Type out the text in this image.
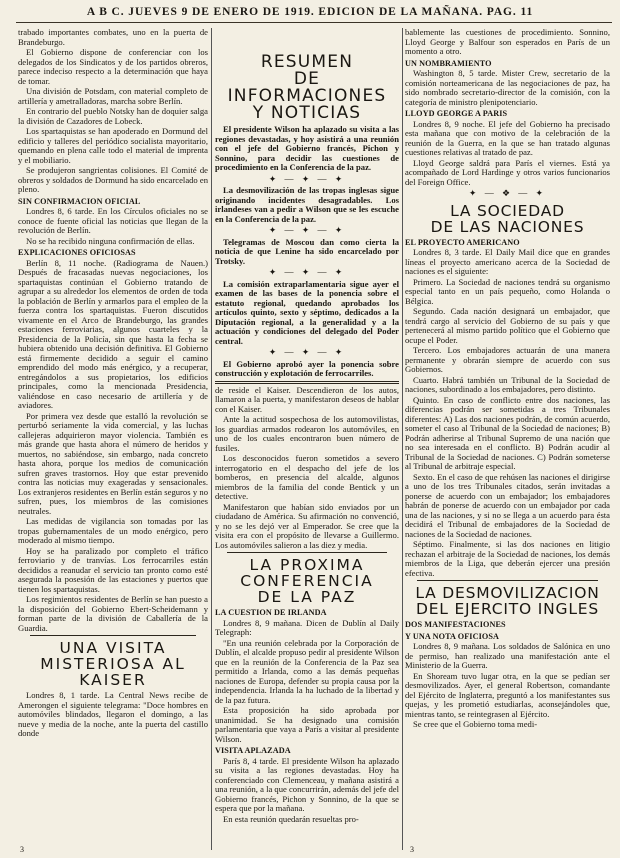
A B C. JUEVES 9 DE ENERO DE 1919. EDICION DE LA MAÑANA. PAG. 11

trabado importantes combates, uno en la puerta de Brandeburgo.

El Gobierno dispone de conferenciar con los delegados de los Sindicatos y de los partidos obreros, parece indeciso respecto a la determinación que haya de tomar.

Una división de Potsdam, con material completo de artillería y ametralladoras, marcha sobre Berlín.

En contrario del pueblo Notsky han de doquier salga la división de Cazadores de Lobeck.

Los spartaquistas se han apoderado en Dormund del edificio y talleres del periódico socialista mayoritario, quemando en plena calle todo el material de imprenta y el mobiliario.

Se produjeron sangrientas colisiones. El Comité de obreros y soldados de Dormund ha sido encarcelado en pleno.

SIN CONFIRMACION OFICIAL

Londres 8, 6 tarde. En los Círculos oficiales no se conoce de fuente oficial las noticias que llegan de la revolución de Berlín.

No se ha recibido ninguna confirmación de ellas.

EXPLICACIONES OFICIOSAS

Berlín 8, 11 noche. (Radiograma de Nauen.) Después de fracasadas nuevas negociaciones, los spartaquistas continúan el Gobierno tratando de agrupar a su alrededor los elementos de orden de toda la población de Berlín y armarlos para el empleo de la fuerza contra los spartaquistas. Fueron discutidos vivamente en el Arco de Brandeburgo, las grandes estaciones ferroviarias, algunos cuarteles y la Presidencia de la Policía, sin que hasta la fecha se hubiera obtenido una decisión definitiva. El Gobierno está firmemente decidido a seguir el camino emprendido del modo más enérgico, y a recuperar, entregándolos a sus propietarios, los edificios principales, como la mencionada Presidencia, valiéndose en caso necesario de artillería y de aviadores.

Por primera vez desde que estalló la revolución se perturbó seriamente la vida comercial, y las luchas callejeras adquirieron mayor violencia. También es más grande que hasta ahora el número de heridos y muertos, no sabiéndose, sin embargo, nada concreto hasta ahora, porque los medios de comunicación sufren graves trastornos. Hoy que estar prevenido contra las noticias muy exageradas y sensacionales. Los extranjeros residentes en Berlín están seguros y no sufren, pues, los miembros de las comisiones neutrales.

Las medidas de vigilancia son tomadas por las tropas gubernamentales de un modo enérgico, pero moderado al mismo tiempo.

Hoy se ha paralizado por completo el tráfico ferroviario y de tranvías. Los ferrocarriles están decididos a reanudar el servicio tan pronto como esté asegurada la posesión de las estaciones y puertos que tienen los spartaquistas.

Los regimientos residentes de Berlín se han puesto a la disposición del Gobierno Ebert-Scheidemann y forman parte de la división de Caballería de la Guardia.

UNA VISITA MISTERIOSA AL KAISER

Londres 8, 1 tarde. La Central News recibe de Amerongen el siguiente telegrama: "Doce hombres en automóviles blindados, llegaron el domingo, a las nueve y media de la noche, ante la puerta del castillo donde

3
RESUMEN
DE INFORMACIONES
Y NOTICIAS

El presidente Wilson ha aplazado su visita a las regiones devastadas, y hoy asistirá a una reunión con el jefe del Gobierno francés, Pichon y Sonnino, para decidir las cuestiones de procedimiento en la Conferencia de la paz.

✦ — ✦ — ✦

La desmovilización de las tropas inglesas sigue originando incidentes desagradables. Los irlandeses van a pedir a Wilson que se les escuche en la Conferencia de la paz.

✦ — ✦ — ✦

Telegramas de Moscou dan como cierta la noticia de que Lenine ha sido encarcelado por Trotsky.

✦ — ✦ — ✦

La comisión extraparlamentaria sigue ayer el examen de las bases de la ponencia sobre el estatuto regional, quedando aprobados los artículos quinto, sexto y séptimo, dedicados a la Diputación regional, a la generalidad y a la actuación y condiciones del delegado del Poder central.

✦ — ✦ — ✦

El Gobierno aprobó ayer la ponencia sobre construcción y explotación de ferrocarriles.

de reside el Kaiser. Descendieron de los autos, llamaron a la puerta, y manifestaron deseos de hablar con el Kaiser.

Ante la actitud sospechosa de los automovilistas, los guardias armados rodearon los automóviles, en uno de los cuales encontraron buen número de fusiles.

Los desconocidos fueron sometidos a severo interrogatorio en el despacho del jefe de los bomberos, en presencia del alcalde, algunos miembros de la familia del conde Bentick y un detective.

Manifestaron que habían sido enviados por un ciudadano de América. Su afirmación no convenció, y no se les dejó ver al Emperador. Se cree que la visita era con el propósito de llevarse a Guillermo. Los automóviles salieron a las diez y media.

LA PROXIMA
CONFERENCIA
DE LA PAZ
LA CUESTION DE IRLANDA

Londres 8, 9 mañana. Dicen de Dublín al Daily Telegraph:

"En una reunión celebrada por la Corporación de Dublín, el alcalde propuso pedir al presidente Wilson que en la reunión de la Conferencia de la Paz sea permitido a Irlanda, como a las demás pequeñas naciones de Europa, defender su propia causa por la independencia. Irlanda la ha luchado de la libertad y de la paz futura.

Esta proposición ha sido aprobada por unanimidad. Se ha designado una comisión parlamentaria que vaya a París a visitar al presidente Wilson.

VISITA APLAZADA

París 8, 4 tarde. El presidente Wilson ha aplazado su visita a las regiones devastadas. Hoy ha conferenciado con Clemenceau, y mañana asistirá a una reunión, a la que concurrirán, además del jefe del Gobierno francés, Pichon y Sonnino, de la que se espera que por la mañana.

En esta reunión quedarán resueltas pro-

bablemente las cuestiones de procedimiento. Sonnino, Lloyd George y Balfour son esperados en París de un momento a otro.

UN NOMBRAMIENTO

Washington 8, 5 tarde. Mister Crew, secretario de la comisión norteamericana de las negociaciones de paz, ha sido nombrado secretario-director de la comisión, con la categoría de ministro plenipotenciario.

LLOYD GEORGE A PARIS

Londres 8, 9 noche. El jefe del Gobierno ha precisado esta mañana que con motivo de la celebración de la reunión de la Guerra, en la que se han tratado algunas cuestiones relativas al tratado de paz.

Lloyd George saldrá para París el viernes. Está ya acompañado de Lord Hardinge y otros varios funcionarios del Foreign Office.

✦ — ❖ — ✦
LA SOCIEDAD
DE LAS NACIONES
EL PROYECTO AMERICANO

Londres 8, 3 tarde. El Daily Mail dice que en grandes líneas el proyecto americano acerca de la Sociedad de naciones es el siguiente:

Primero. La Sociedad de naciones tendrá su organismo especial tanto en un país pequeño, como Holanda o Bélgica.

Segundo. Cada nación designará un embajador, que tendrá cargo al servicio del Gobierno de su país y que pertenecerá al mismo partido político que el Gobierno que ocupe el Poder.

Tercero. Los embajadores actuarán de una manera permanente y obrarán siempre de acuerdo con sus Gobiernos.

Cuarto. Habrá también un Tribunal de la Sociedad de naciones, subordinado a los embajadores, pero distinto.

Quinto. En caso de conflicto entre dos naciones, las diferencias podrán ser sometidas a tres Tribunales diferentes: A) Las dos naciones podrán, de común acuerdo, someter el caso al Tribunal de la Sociedad de naciones; B) Podrán adherirse al Tribunal Supremo de una nación que no sea interesada en el conflicto. B) Podrán acudir al Tribunal de la Sociedad de naciones. C) Podrán someterse al Tribunal de arbitraje especial.

Sexto. En el caso de que rehúsen las naciones el dirigirse a uno de los tres Tribunales citados, serán invitadas a ponerse de acuerdo con un embajador; los embajadores habrán de ponerse de acuerdo con un embajador por cada una de las naciones, y si no se llega a un acuerdo para ésta decidirá el Tribunal de embajadores de la Sociedad de naciones de la Sociedad de naciones.

Séptimo. Finalmente, si las dos naciones en litigio rechazan el arbitraje de la Sociedad de naciones, los demás miembros de la Liga, que deberán ejercer una presión efectiva.

LA DESMOVILIZACION
DEL EJERCITO INGLES
DOS MANIFESTACIONES
Y UNA NOTA OFICIOSA

Londres 8, 9 mañana. Los soldados de Salónica en uno de permiso, han realizado una manifestación ante el Ministerio de la Guerra.

En Shoream tuvo lugar otra, en la que se pedían ser desmovilizados. Ayer, el general Robertson, comandante del Ejército de Inglaterra, preguntó a los manifestantes sus quejas, y les prometió estudiarlas, aconsejándoles que, mientras tanto, se reintegrasen al Ejército.

Se cree que el Gobierno toma medi-

3
